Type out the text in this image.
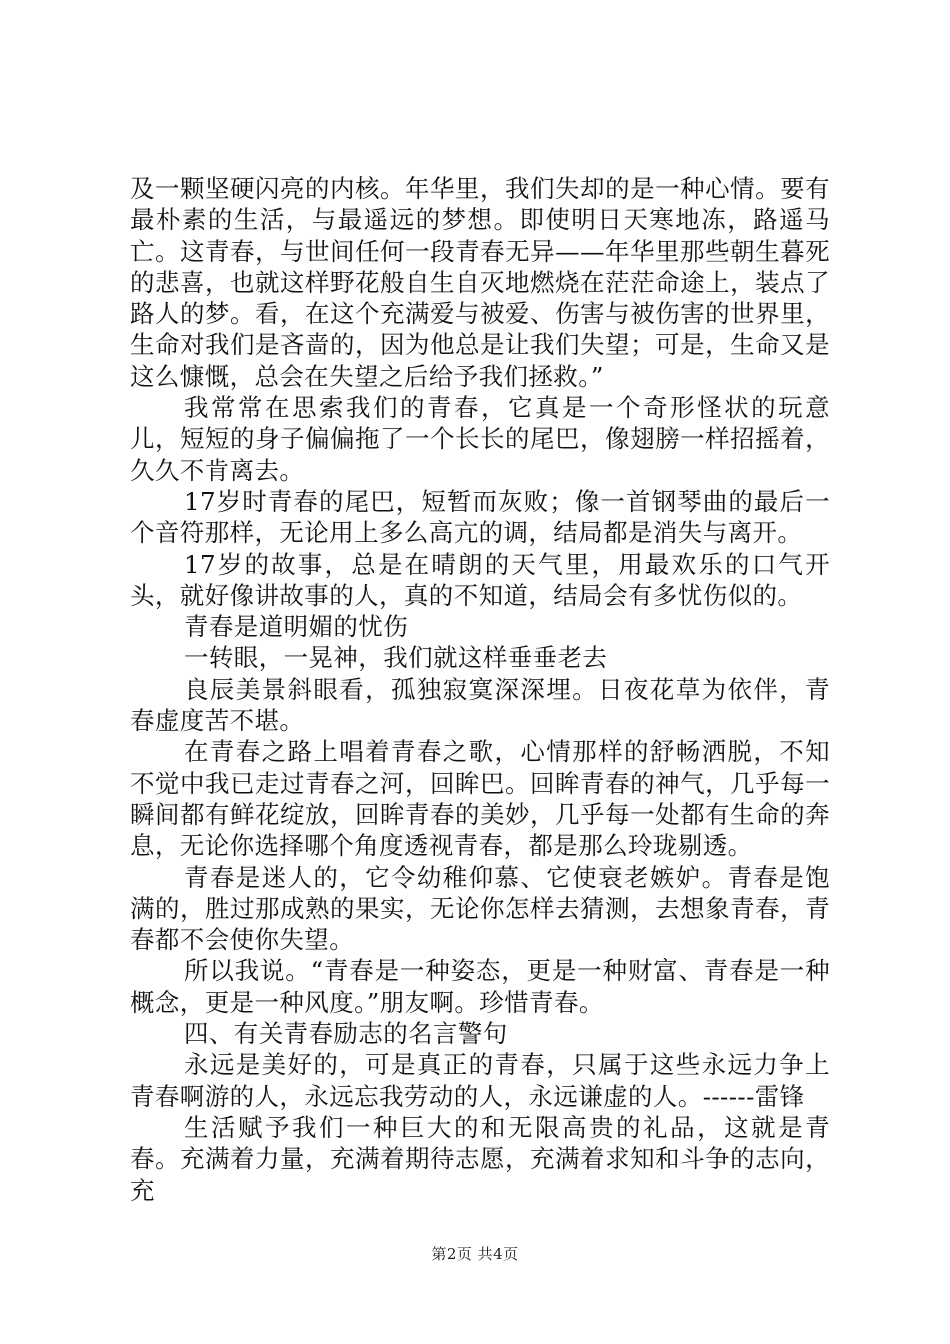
及一颗坚硬闪亮的内核。年华里，我们失却的是一种心情。要有最朴素的生活，与最遥远的梦想。即使明日天寒地冻，路遥马亡。这青春，与世间任何一段青春无异——年华里那些朝生暮死的悲喜，也就这样野花般自生自灭地燃烧在茫茫命途上，装点了路人的梦。看，在这个充满爱与被爱、伤害与被伤害的世界里，生命对我们是吝啬的，因为他总是让我们失望；可是，生命又是这么慷慨，总会在失望之后给予我们拯救。”

我常常在思索我们的青春，它真是一个奇形怪状的玩意儿，短短的身子偏偏拖了一个长长的尾巴，像翅膀一样招摇着，久久不肯离去。

17岁时青春的尾巴，短暂而灰败；像一首钢琴曲的最后一个音符那样，无论用上多么高亢的调，结局都是消失与离开。

17岁的故事，总是在晴朗的天气里，用最欢乐的口气开头，就好像讲故事的人，真的不知道，结局会有多忧伤似的。

青春是道明媚的忧伤

一转眼，一晃神，我们就这样垂垂老去

良辰美景斜眼看，孤独寂寞深深埋。日夜花草为依伴，青春虚度苦不堪。

在青春之路上唱着青春之歌，心情那样的舒畅洒脱，不知不觉中我已走过青春之河，回眸巴。回眸青春的神气，几乎每一瞬间都有鲜花绽放，回眸青春的美妙，几乎每一处都有生命的奔息，无论你选择哪个角度透视青春，都是那么玲珑剔透。

青春是迷人的，它令幼稚仰慕、它使衰老嫉妒。青春是饱满的，胜过那成熟的果实，无论你怎样去猜测，去想象青春，青春都不会使你失望。

所以我说。“青春是一种姿态，更是一种财富、青春是一种概念，更是一种风度。”朋友啊。珍惜青春。

四、有关青春励志的名言警句

永远是美好的，可是真正的青春，只属于这些永远力争上青春啊游的人，永远忘我劳动的人，永远谦虚的人。------雷锋

生活赋予我们一种巨大的和无限高贵的礼品，这就是青春。充满着力量，充满着期待志愿，充满着求知和斗争的志向，充

第2页 共4页
